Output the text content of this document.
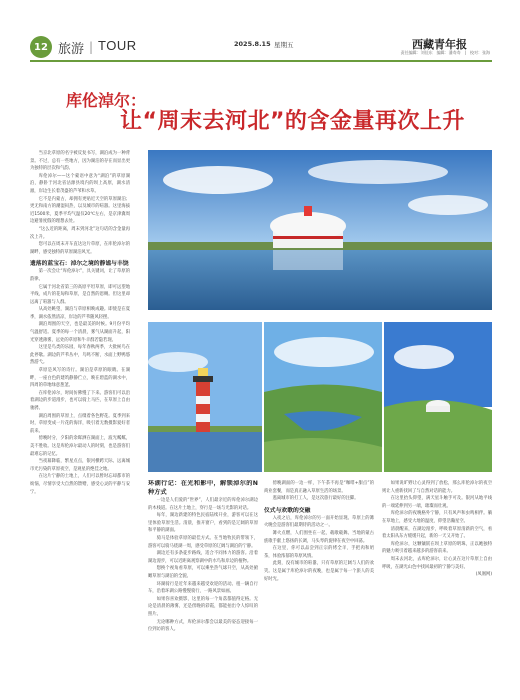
12 旅游 | TOUR	2025.8.15 星期五	西藏青年报
责任编辑：刘佳东　编辑：潘寿寿　|　校对：张海
库伦淖尔：
让“周末去河北”的含金量再次上升

当京北草原的名字被反复书写，湖泊成为一种背景。不过，总有一些地方，因为湖泊的存在而显出更为独特的层次和气韵。

库伦淖尔——这个蒙语中意为“湖泊”的草原湖泊，静卧于河北省沽源县境内的坝上高原，湖水清澈，岸边生长着茂盛的芦苇和水草。

它不是内蒙古，却拥有更贴近天空的草原湖泊；更无和南方的潮湿闷热，以及城市的喧嚣。这里海拔近1500米，夏季平均气温仅20℃左右，是京津冀周边避暑度假的理想去处。

“这么近的距离，周末到河北”这句话的含金量再次上升。

您可以在周末开车直达这片草原，在库伦淖尔的湖畔，感受独特的草原湖泊风光。

遗落的蓝宝石：淖尔之境的静谧与丰饶

第一次会让“库伦淖尔”，具关键词，让了草原的韵律。

它属于河北省第三的高原平坦草原，即可远望地平线，成片的花甸和草原，是自然的恩赐。但这里却远离了喧嚣与人群。

从高处眺望，湖泊与草原相映成趣。即使是在夏季，湖水依然清凉，岸边的芦苇随风轻摆。

湖泊周围的天空，也是最美的时候。9月份平均气温舒适。夏季的每一个清晨，雾气从湖面升起，阳光穿透薄雾，远处的草原和牛羊群若隐若现。

这里是鸟类的乐园，每年春秋两季，大批候鸟在此停歇。湖边的芦苇丛中，鸟鸣不断，水面上野鸭悠然游弋。

草原是风写的诗行。湖泊是草原的眼睛。在湖畔，一座白色的建筑静静伫立，映在碧蓝的湖水中，四周的草地绿意葱茏。

在库伦淖尔，时间仿佛慢了下来。游客们可以沿着湖边的步道漫步，也可以骑上马匹，在草原上自由驰骋。

湖泊周围的草原上，点缀着各色野花。夏季到来时，草原变成一片花的海洋，吸引着无数摄影爱好者前来。

傍晚时分，夕阳的余晖洒在湖面上，波光粼粼，美不胜收。这是库伦淖尔最动人的时刻，也是游客们最难忘的记忆。

当夜幕降临，繁星点点，银河横跨天际。远离城市光污染的草原夜空，是观星的绝佳之地。

在这片宁静的土地上，人们可以暂时忘却都市的烦恼，尽情享受大自然的馈赠，感受心灵的平静与安宁。

环湖行记：在光和影中，解锁淖尔的N种方式

一边是人们爱的“世界”，人们最亲近的库伦淖尔湖边的木栈道。在这片土地上，穿行是一场与光影的对话。

每年，湖边新建的特色民宿陆续开业，游客可以在这里体验草原生活。清晨，推开窗户，看到的是辽阔的草原和平静的湖面。

骑马是体验草原的最佳方式。在当地牧民的带领下，游客可以骑马绕湖一周，感受草原的辽阔与湖泊的宁静。

湖边还有多条徒步路线，适合不同体力的游客。沿着湖边漫步，可以近距离观察湖中的水鸟和岸边的植物。

想换个视角看草原，可以乘坐热气球升空，从高处俯瞰草原与湖泊的全貌。

环湖骑行是近年来越来越受欢迎的活动。租一辆自行车，沿着环湖公路慢慢骑行，一路风景如画。

如果你喜欢摄影，这里的每一个角落都值得定格。无论是清晨的薄雾，还是傍晚的彩霞，都能拍出令人惊叹的照片。

无论哪种方式，库伦淖尔都会以最美的姿态迎接每一位到访的客人。

傍晚湖面的一边一样，下午茶不再是“咖啡+甜点”的商业套餐，而是真正融入草原生活的场景。

逃离城市的打工人，是这次旅行最好的注脚。

仪式与欢歌的交融

入夜之后，库伦淖尔的另一面开始显现。草原上的篝火晚会是游客们最期待的活动之一。

篝火点燃，人们围坐在一起，载歌载舞。当地的蒙古族歌手献上悠扬的长调，马头琴的旋律在夜空中回荡。

在这里，你可以品尝到正宗的烤全羊、手把肉和奶茶，体验浓郁的草原风情。

此刻，没有城市的喧嚣，只有草原的辽阔与人们的欢笑。这是属于库伦淖尔的夜晚，也是属于每一个旅人的美好时光。

如果说旷野让心灵得到了放松，那么库伦淖尔的夜空则让人重新找回了与自然对话的能力。

在这里抬头仰望，满天星斗触手可及。银河从地平线的一端延伸到另一端，璀璨而壮观。

库伦淖尔的夜晚格外宁静，只有风声和虫鸣相伴。躺在草地上，感受大地的温度，仰望浩瀚星空。

清晨醒来，在湖边漫步，呼吸着草原清新的空气，看着太阳从东方缓缓升起，新的一天又开始了。

库伦淖尔，这颗镶嵌在坝上草原的明珠，正以她独特的魅力吸引着越来越多的游客前来。

周末去河北，去库伦淖尔，让心灵在这片草原上自由呼吸，在湖光山色中找回最初的宁静与美好。

(凤凰网)
